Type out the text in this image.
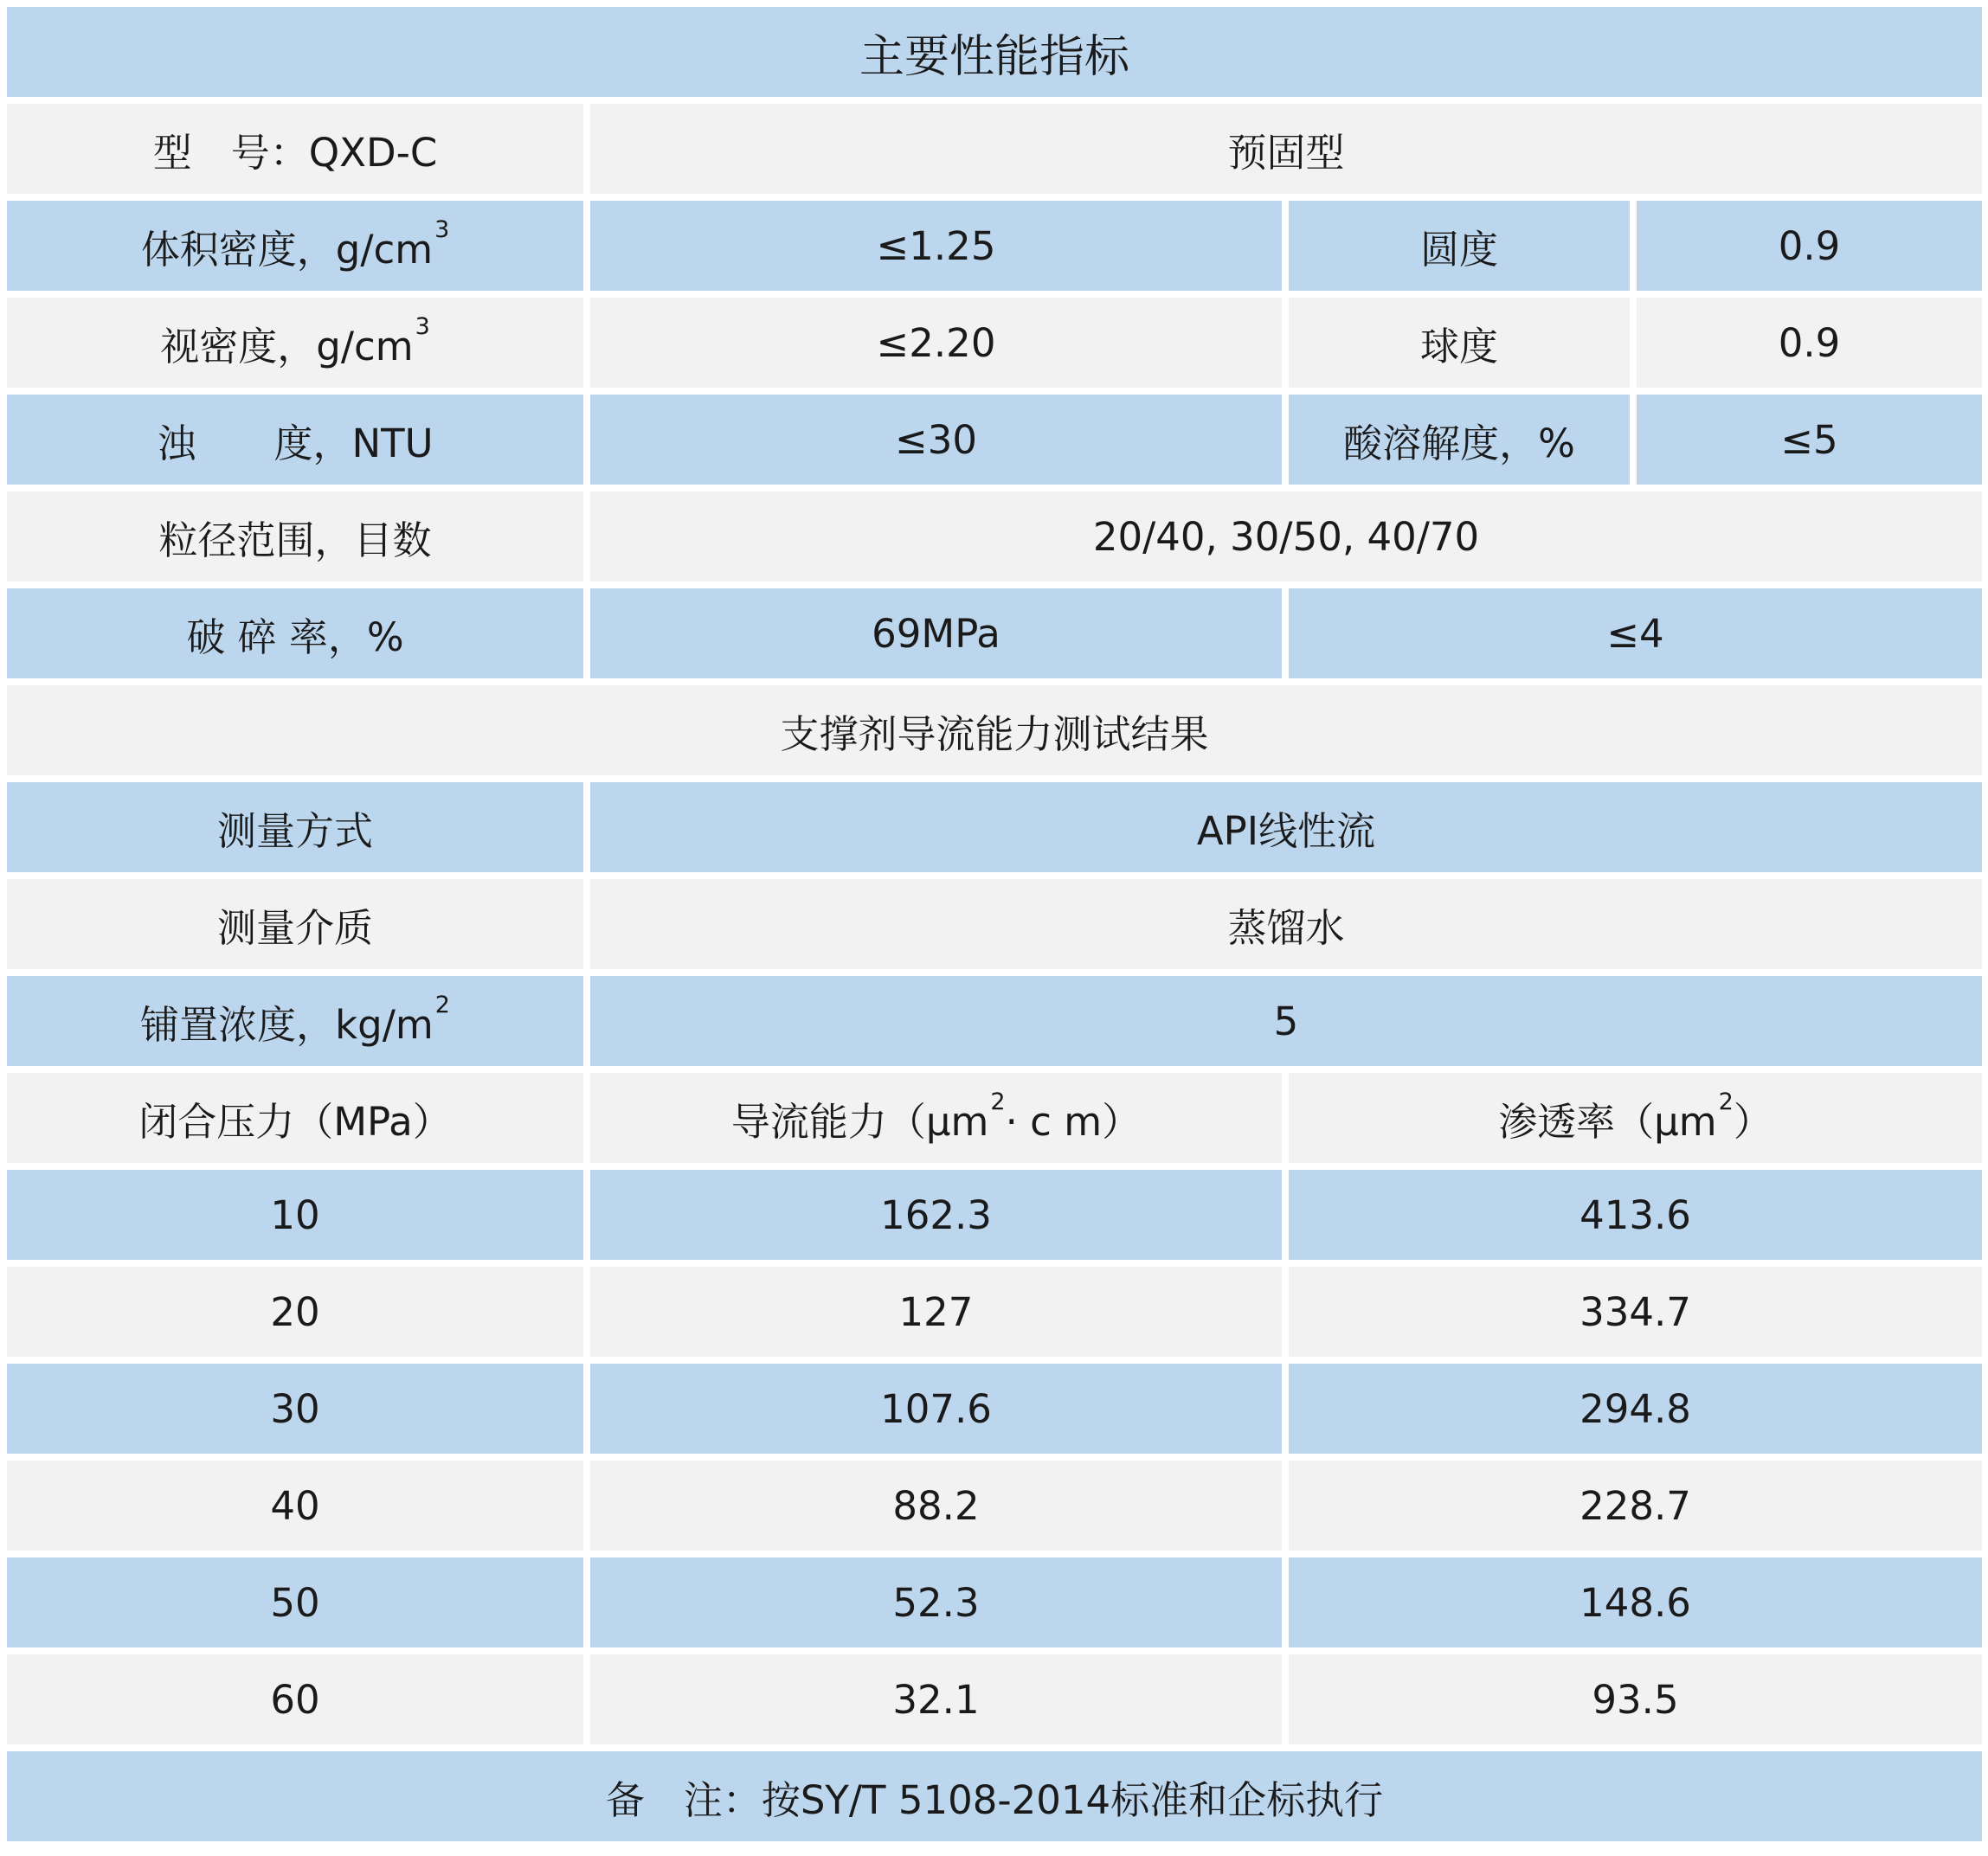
主要性能指标
型　号：QXD-C	预固型
体积密度，$g/cm^3$	≤1.25	圆度	0.9
视密度，$g/cm^3$	≤2.20	球度	0.9
浊　　度，NTU	≤30	酸溶解度，%	≤5
粒径范围，目数	20/40, 30/50, 40/70
破 碎 率，%	69MPa	≤4
支撑剂导流能力测试结果
测量方式	API线性流
测量介质	蒸馏水
铺置浓度，$kg/m^2$	5
闭合压力（MPa）	导流能力（$\mu m^2 \cdot c$ m）	渗透率（$\mu m^2$ ）
10	162.3	413.6
20	127	334.7
30	107.6	294.8
40	88.2	228.7
50	52.3	148.6
60	32.1	93.5
备　注：按SY/T 5108-2014标准和企标执行
